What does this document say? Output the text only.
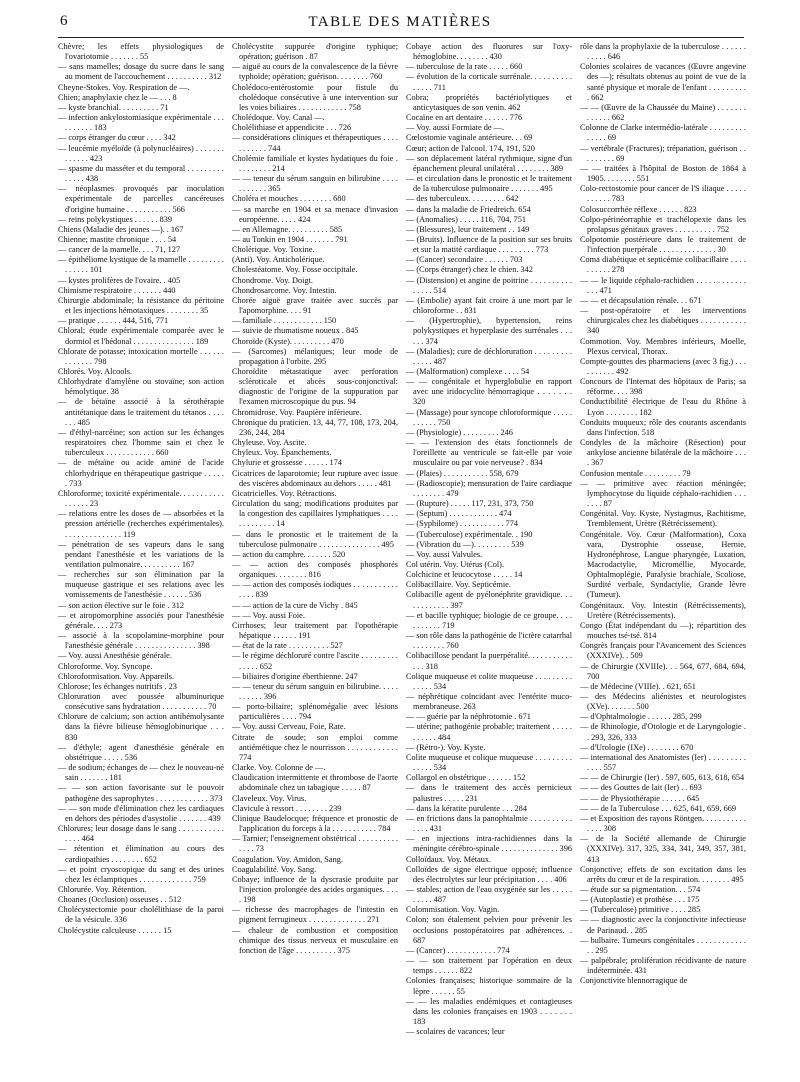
6	TABLE DES MATIÈRES

Chèvre; les effets physiologiques de l'ovariotomie . . . . . . . 55

— sans mamelles; dosage du sucre dans le sang au moment de l'accouchement . . . . . . . . . . 312

Cheyne-Stokes. Voy. Respiration de —.

Chien; anaphylaxie chez le — . . . 8

— kyste branchial. . . . . . . . . . 71

— infection ankylostomiasique expérimentale . . . . . . . . . . 183

— corps étranger du cœur . . . . 342

— leucémie myéloïde (à polynucléaires) . . . . . . . . . . . . . 423

— spasme du masséter et du temporal . . . . . . . . . . . . . . 438

— néoplasmes provoqués par inoculation expérimentale de parcelles cancéreuses d'origine humaine . . . . . . . . . . . 566

— reins polykystiques . . . . . . 839

Chiens (Maladie des jeunes —). . 167

Chienne; mastite chronique . . . . 54

— cancer de la mamelle. . . . 71, 127

— épithéliome kystique de la mamelle . . . . . . . . . . . . . . . 101

— kystes prolifères de l'ovaire. . 405

Chimisme respiratoire . . . . . . . 440

Chirurgie abdominale; la résistance du péritoine et les injections hémotaxiques . . . . . . . . 35

— pratique . . . . . . 444, 516, 771

Chloral; étude expérimentale comparée avec le dormiol et l'hédonal . . . . . . . . . . . . . . . 189

Chlorate de potasse; intoxication mortelle . . . . . . . . . . . . . 798

Chlorés. Voy. Alcools.

Chlorhydrate d'amylène ou stovaïne; son action hémolytique. 38

— de bétaïne associé à la sérothérapie antitétanique dans le traitement du tétanos . . . . . . . 485

— d'éthyl-narcéine; son action sur les échanges respiratoires chez l'homme sain et chez le tuberculeux . . . . . . . . . . . . 660

— de métaïne ou acide aminé de l'acide chlorhydrique en thérapeutique gastrique . . . . . . 733

Chloroforme; toxicité expérimentale. . . . . . . . . . . . . . . . . 23

— relations entre les doses de — absorbées et la pression artérielle (recherches expérimentales). . . . . . . . . . . . . . . 119

— pénétration de ses vapeurs dans le sang pendant l'anesthésie et les variations de la ventilation pulmonaire. . . . . . . . . . 167

— recherches sur son élimination par la muqueuse gastrique et ses relations avec les vomissements de l'anesthésie . . . . . . 536

— son action élective sur le foie . 312

— et atropomorphine associés pour l'anesthésie générale. . . . 273

— associé à la scopolamine-morphine pour l'anesthésie générale . . . . . . . . . . . . . . . 398

— Voy. aussi Anesthésie générale.

Chloroforme. Voy. Syncope.

Chloroformisation. Voy. Appareils.

Chlorose; les échanges nutritifs . 23

Chloruration avec poussée albuminurique consécutive sans hydratation . . . . . . . . . . . 70

Chlorure de calcium; son action antihémolysante dans la fièvre bilieuse hémoglobinurique . . . 830

— d'éthyle; agent d'anesthésie générale en obstétrique . . . . . 536

— de sodium; échanges de — chez le nouveau-né sain . . . . . . . 181

— — son action favorisante sur le pouvoir pathogène des saprophytes . . . . . . . . . . . . . 373

— — son mode d'élimination chez les cardiaques en dehors des périodes d'asystolie . . . . . . . 439

Chlorures; leur dosage dans le sang . . . . . . . . . . . . . . . 464

— rétention et élimination au cours des cardiopathies . . . . . . . . 652

— et point cryoscopique du sang et des urines chez les éclamptiques . . . . . . . . . . . . . 759

Chlorurée. Voy. Rétention.

Choanes (Occlusion) osseuses . . 512

Cholécystectomie pour cholélithiase de la paroi de la vésicule. 336

Cholécystite calculeuse . . . . . . 15

Cholécystite suppurée d'origine typhique; opération; guérison . 87

— aiguë au cours de la convalescence de la fièvre typhoïde; opération; guérison. . . . . . . . 760

Cholédoco-entérostomie pour fistule du cholédoque consécutive à une intervention sur les voies biliaires . . . . . . . . . . . . 758

Cholédoque. Voy. Canal —.

Cholélithiase et appendicite . . . 726

— considérations cliniques et thérapeutiques . . . . . . . . . . . 744

Cholémie familiale et kystes hydatiques du foie . . . . . . . . . 214

— — teneur du sérum sanguin en bilirubine . . . . . . . . . . . 365

Choléra et mouches . . . . . . . . 680

— sa marche en 1904 et sa menace d'invasion européenne. . . . . 424

— en Allemagne. . . . . . . . . . 585

— au Tonkin en 1904 . . . . . . . 791

Cholérique. Voy. Toxine.

(Anti). Voy. Anticholérique.

Cholestéatome. Voy. Fosse occipitale.

Chondrome. Voy. Doigt.

Chondrosarcome. Voy. Intestin.

Chorée aiguë grave traitée avec succès par l'apomorphine. . . . 91

— familiale . . . . . . . . . . . . 150

— suivie de rhumatisme noueux . 845

Choroïde (Kyste). . . . . . . . . . 470

— (Sarcomes) mélaniques; leur mode de propagation à l'orbite. 295

Choroïdite métastatique avec perforation scléroticale et abcès sous-conjonctival: diagnostic de l'origine de la suppuration par l'examen microscopique du pus. 94

Chromidrose. Voy. Paupière inférieure.

Chronique du praticien. 13, 44, 77, 108, 173, 204, 236, 244, 284

Chyleuse. Voy. Ascite.

Chyleux. Voy. Épanchements.

Chylurie et grossesse . . . . . . 174

Cicatrices de laparotomie; leur rupture avec issue des viscères abdominaux au dehors . . . . . 481

Cicatricielles. Voy. Rétractions.

Circulation du sang; modifications produites par la congestion des capillaires lymphatiques . . . . . . . . . . . . . 14

— dans le pronostic et le traitement de la tuberculose pulmonaire . . . . . . . . . . . . . . . 495

— action du camphre. . . . . . . 520

— — action des composés phosphorés organiques. . . . . . . . 816

— — action des composés iodiques . . . . . . . . . . . . . . . 839

— — action de la cure de Vichy . 845

— — Voy. aussi Foie.

Cirrhoses; leur traitement par l'opothérapie hépatique . . . . . . 191

— état de la rate . . . . . . . . . . 527

— le régime déchloruré contre l'ascite . . . . . . . . . . . . . . 652

— biliaires d'origine éberthienne. 247

— — teneur du sérum sanguin en bilirubine. . . . . . . . . . . 396

— porto-biliaire; splénomégalie avec lésions particulières . . . . 794

— Voy. aussi Cerveau, Foie, Rate.

Citrate de soude; son emploi comme antiémétique chez le nourrisson . . . . . . . . . . . . 774

Clarke. Voy. Colonne de —.

Claudication intermittente et thrombose de l'aorte abdominale chez un tabagique . . . . . 87

Claveleux. Voy. Virus.

Clavicule à ressort . . . . . . . . 239

Clinique Baudelocque; fréquence et pronostic de l'application du forceps à la . . . . . . . . . . . 784

— Tarnier; l'enseignement obstétrical . . . . . . . . . . . . . . 73

Coagulation. Voy. Amidon, Sang.

Coagulabilité. Voy. Sang.

Cobaye; influence de la dyscrasie produite par l'injection prolongée des acides organiques. . . . . 198

— richesse des macrophages de l'intestin en pigment ferrugineux . . . . . . . . . . . . . . 271

— chaleur de combustion et composition chimique des tissus nerveux et musculaire en fonction de l'âge . . . . . . . . . . 375

Cobaye action des fluorures sur l'oxy-hémoglobine. . . . . . . . 430

— tuberculose de la rate . . . . . 660

— évolution de la corticale surrénale. . . . . . . . . . . . . . . 711

Cobra; propriétés bactériolytiques et anticytasiques de son venin. 462

Cocaïne en art dentaire . . . . . . 776

— Voy. aussi Formiate de —.

Cœlostomie vaginale antérieure. . . 69

Cœur; action de l'alcool. 174, 191, 520

— son déplacement latéral rythmique, signe d'un épanchement pleural unilatéral . . . . . . . . 389

— et circulation dans le pronostic et le traitement de la tuberculose pulmonaire . . . . . . . 495

— des tuberculeux. . . . . . . . . 642

— dans la maladie de Friedreich. 654

— (Anomalies) . . . . . 116, 704, 751

— (Blessures), leur traitement . . 149

— (Bruits). Influence de la position sur ses bruits et sur la matité cardiaque . . . . . . . . . 773

— (Cancer) secondaire . . . . . . 703

— (Corps étranger) chez le chien. 342

— (Distension) et angine de poitrine . . . . . . . . . . . . . . . 514

— (Embolie) ayant fait croire à une mort par le chloroforme . . 831

— (Hypertrophie), hypertension, reins polykystiques et hyperplasie des surrénales . . . . . . 374

— (Maladies); cure de déchloruration . . . . . . . . . . . . . . 487

— (Malformation) complexe . . . . 54

— — congénitale et hyperglobulie en rapport avec une iridocyclite hémorragique . . . . . . . 320

— (Massage) pour syncope chloroformique . . . . . . . . . . . 750

— (Physiologie) . . . . . . . . . 246

— — l'extension des états fonctionnels de l'oreillette au ventricule se fait-elle par voie musculaire ou par voie nerveuse? . 834

— (Plaies) . . . . . . . . . . . 558, 679

— (Radioscopie); mensuration de l'aire cardiaque . . . . . . . . 479

— (Rupture) . . . . . 117, 231, 373, 750

— (Septum) . . . . . . . . . . . . 474

— (Syphilome) . . . . . . . . . . . 774

— (Tuberculose) expérimentale. . 190

— (Vibration du —). . . . . . . . . 539

— Voy. aussi Valvules.

Col utérin. Voy. Utérus (Col).

Colchicine et leucocytose . . . . . 14

Colibacillaire. Voy. Septicémie.

Colibacille agent de pyélonéphrite gravidique. . . . . . . . . . . . 397

— et bacille typhique; biologie de ce groupe. . . . . . . . . . . 719

— son rôle dans la pathogénie de l'ictère catarrhal . . . . . . . . 760

Colibacillose pendant la puerpéralité. . . . . . . . . . . . . . 318

Colique muqueuse et colite muqueuse . . . . . . . . . . . . . . 534

— néphrétique coïncidant avec l'entérite muco-membraneuse. 263

— — guérie par la néphrotomie . 671

— utérine; pathogénie probable; traitement . . . . . . . . . . . 484

— (Rétro-). Voy. Kyste.

Colite muqueuse et colique muqueuse . . . . . . . . . . . . . . 534

Collargol en obstétrique . . . . . . 152

— dans le traitement des accès pernicieux palustres . . . . . 231

— dans la kératite purulente . . . 284

— en frictions dans la panophtalmie . . . . . . . . . . . . . . 431

— en injections intra-rachidiennes dans la méningite cérébro-spinale . . . . . . . . . . . . . . 396

Colloïdaux. Voy. Métaux.

Colloïdes de signe électrique opposé; influence des électrolytes sur leur précipitation . . . . 406

— stables; action de l'eau oxygénée sur les . . . . . . . . . . 487

Colommisation. Voy. Vagin.

Colon; son étalement pelvien pour prévenir les occlusions postopératoires par adhérences. . 687

— (Cancer) . . . . . . . . . . . . 774

— — son traitement par l'opération en deux temps . . . . . . 822

Colonies françaises; historique sommaire de la lèpre . . . . . . 55

— — les maladies endémiques et contagieuses dans les colonies françaises en 1903 . . . . . . . 183

— scolaires de vacances; leur

rôle dans la prophylaxie de la tuberculose . . . . . . . . . . . 646

Colonies scolaires de vacances (Œuvre angevine des —); résultats obtenus au point de vue de la santé physique et morale de l'enfant . . . . . . . . . . 662

— — (Œuvre de la Chaussée du Maine) . . . . . . . . . . . . . 662

Colonne de Clarke intermédio-latérale . . . . . . . . . . . . . . 69

— vertébrale (Fractures); trépanation, guérison . . . . . . . . . 69

— — traitées à l'hôpital de Boston de 1864 à 1905. . . . . . . . 551

Colo-rectostomie pour cancer de l'S iliaque . . . . . . . . . . . 783

Colosuccorrhée réflexe . . . . . . 823

Colpo-périnéorraphie et trachélopexie dans les prolapsus génitaux graves . . . . . . . . . . 752

Colpotomie postérieure dans le traitement de l'infection puerpérale . . . . . . . . . . . . . . 30

Coma diabétique et septicémie colibacillaire . . . . . . . . . . 278

— — le liquide céphalo-rachidien . . . . . . . . . . . . . . . 471

— — et décapsulation rénale. . . 671

— post-opératoire et les interventions chirurgicales chez les diabétiques . . . . . . . . . . . 340

Commotion. Voy. Membres inférieurs, Moelle, Plexus cervical, Thorax.

Compte-gouttes des pharmaciens (avec 3 fig.) . . . . . . . . . . 492

Concours de l'Internat des hôpitaux de Paris; sa réforme. . . . 398

Conductibilité électrique de l'eau du Rhône à Lyon . . . . . . . . 182

Conduits muqueux; rôle des courants ascendants dans l'infection. 518

Condyles de la mâchoire (Résection) pour ankylose ancienne bilatérale de la mâchoire . . . . 367

Confusion mentale . . . . . . . . . 79

— — primitive avec réaction méningée; lymphocytose du liquide céphalo-rachidien . . . . . . . 87

Congénital. Voy. Kyste, Nystagmus, Rachitisme, Tremblement, Urètre (Rétrécissement).

Congénitale. Voy. Cœur (Malformation), Coxa vara, Dystrophie osseuse, Hernie, Hydronéphrose, Langue pharyngée, Luxation, Macrodactylie, Microméllie, Myocarde, Ophtalmoplégie, Paralysie brachiale, Scoliose, Surdité verbale, Syndactylie, Grande lèvre (Tumeur).

Congénitaux. Voy. Intestin (Rétrécissements), Uretère (Rétrécissements).

Congo (État indépendant du —); répartition des mouches tsé-tsé. 814

Congrès français pour l'Avancement des Sciences (XXXIVe). . 509

— de Chirurgie (XVIIIe). . . 564, 677, 684, 694, 700

— de Médecine (VIIIe). . 621, 651

— des Médecins aliénistes et neurologistes (XVe). . . . . . . 500

— d'Ophtalmologie . . . . . . 285, 299

— de Rhinologie, d'Otologie et de Laryngologie . . 293, 326, 333

— d'Urologie (IXe) . . . . . . . . 670

— international des Anatomistes (Ier) . . . . . . . . . . . . . 557

— — de Chirurgie (Ier) . 597, 605, 613, 618, 654

— — des Gouttes de lait (Ier) . . 693

— — de Physiothérapie . . . . . . 645

— — de la Tuberculose . . . 625, 641, 659, 669

— et Exposition des rayons Röntgen. . . . . . . . . . . . . . . 308

— de la Société allemande de Chirurgie (XXXIVe). 317, 325, 334, 341, 349, 357, 381, 413

Conjonctive; effets de son excitation dans les arrêts du cœur et de la respiration. . . . . . . . 495

— étude sur sa pigmentation. . . 574

— (Autoplastie) et prothèse . . . 175

— (Tuberculose) primitive . . . . 285

— — diagnostic avec la conjonctivite infectieuse de Parinaud. . 285

— bulbaire. Tumeurs congénitales . . . . . . . . . . . . . . 295

— palpébrale; prolifération récidivante de nature indéterminée. 431

Conjonctivite blennorragique de
